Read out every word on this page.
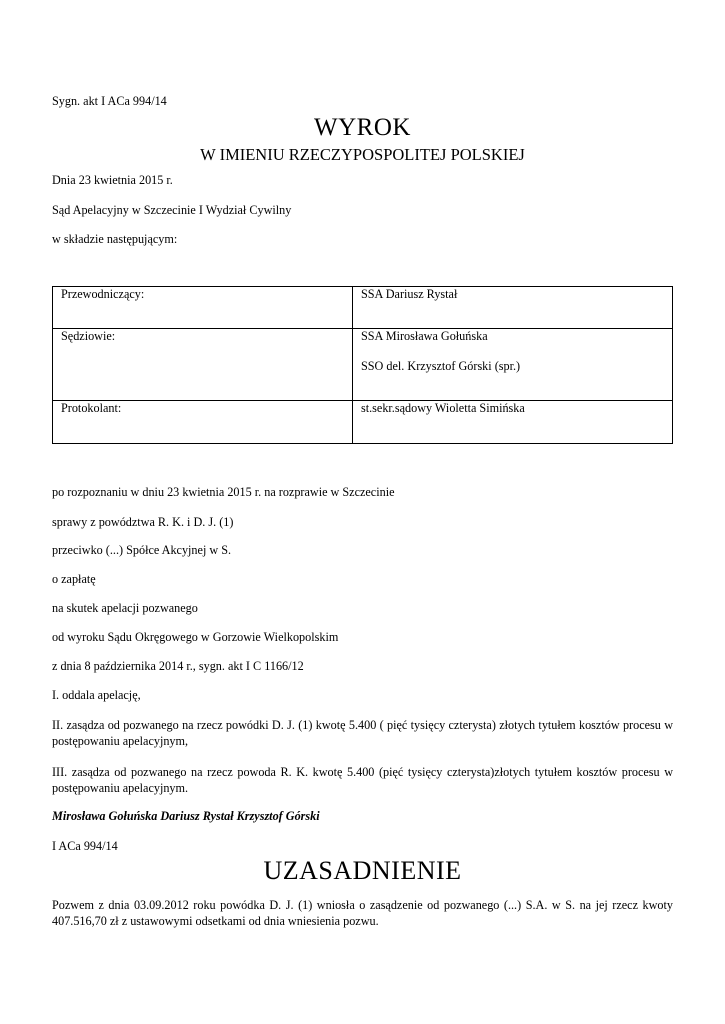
Sygn. akt I ACa 994/14
WYROK
W IMIENIU RZECZYPOSPOLITEJ POLSKIEJ
Dnia 23 kwietnia 2015 r.
Sąd Apelacyjny w Szczecinie I Wydział Cywilny
w składzie następującym:
Przewodniczący:	SSA Dariusz Rystał
Sędziowie:	SSA Mirosława Gołuńska
SSO del. Krzysztof Górski (spr.)

Protokolant:	st.sekr.sądowy Wioletta Simińska
po rozpoznaniu w dniu 23 kwietnia 2015 r. na rozprawie w Szczecinie
sprawy z powództwa R. K. i D. J. (1)
przeciwko (...) Spółce Akcyjnej w S.
o zapłatę
na skutek apelacji pozwanego
od wyroku Sądu Okręgowego w Gorzowie Wielkopolskim
z dnia 8 października 2014 r., sygn. akt I C 1166/12
I. oddala apelację,
II. zasądza od pozwanego na rzecz powódki D. J. (1) kwotę 5.400 ( pięć tysięcy czterysta) złotych tytułem kosztów procesu w postępowaniu apelacyjnym,
III. zasądza od pozwanego na rzecz powoda R. K. kwotę 5.400 (pięć tysięcy czterysta)złotych tytułem kosztów procesu w postępowaniu apelacyjnym.
Mirosława Gołuńska Dariusz Rystał Krzysztof Górski
I ACa 994/14
UZASADNIENIE
Pozwem z dnia 03.09.2012 roku powódka D. J. (1) wniosła o zasądzenie od pozwanego (...) S.A. w S. na jej rzecz kwoty 407.516,70 zł z ustawowymi odsetkami od dnia wniesienia pozwu.
